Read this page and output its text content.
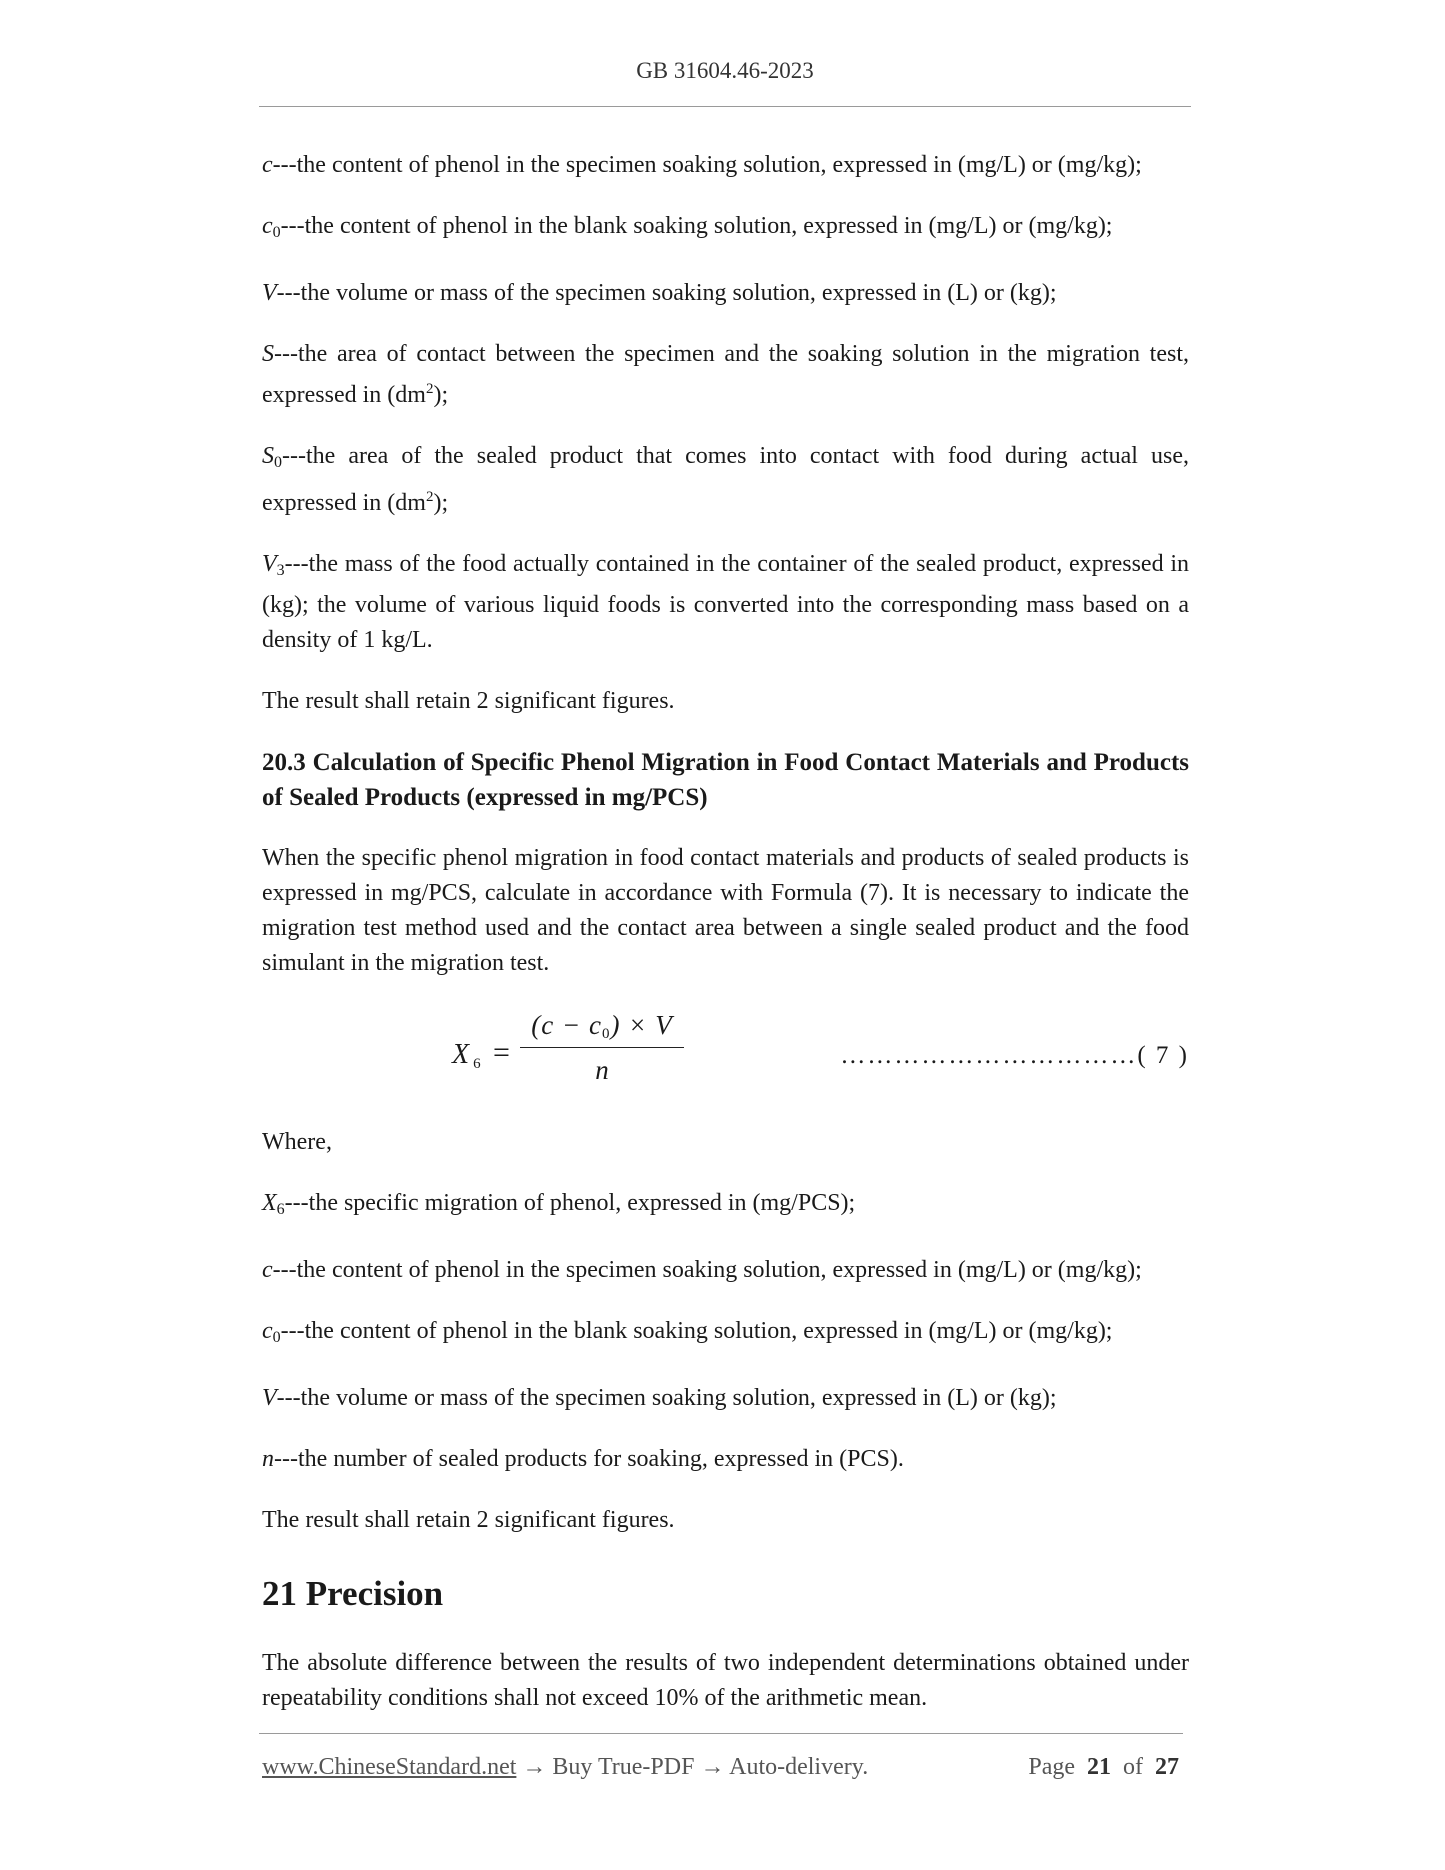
GB 31604.46-2023

c---the content of phenol in the specimen soaking solution, expressed in (mg/L) or (mg/kg);

$c_0--$-the content of phenol in the blank soaking solution, expressed in (mg/L) or (mg/kg);

V---the volume or mass of the specimen soaking solution, expressed in (L) or (kg);

S---the area of contact between the specimen and the soaking solution in the migration test, expressed in $(dm^2)$;

$S_0--$-the area of the sealed product that comes into contact with food during actual use, expressed in $(dm^2)$;

$V_3--$-the mass of the food actually contained in the container of the sealed product, expressed in (kg); the volume of various liquid foods is converted into the corresponding mass based on a density of 1 kg/L.

The result shall retain 2 significant figures.

20.3 Calculation of Specific Phenol Migration in Food Contact Materials and Products of Sealed Products (expressed in mg/PCS)

When the specific phenol migration in food contact materials and products of sealed products is expressed in mg/PCS, calculate in accordance with Formula (7). It is necessary to indicate the migration test method used and the contact area between a single sealed product and the food simulant in the migration test.

X $_6$ =
$(c - c_0) \times V$
n	……………………………( 7 )

Where,

$X_6--$-the specific migration of phenol, expressed in (mg/PCS);

c---the content of phenol in the specimen soaking solution, expressed in (mg/L) or (mg/kg);

$c_0--$-the content of phenol in the blank soaking solution, expressed in (mg/L) or (mg/kg);

V---the volume or mass of the specimen soaking solution, expressed in (L) or (kg);

n---the number of sealed products for soaking, expressed in (PCS).

The result shall retain 2 significant figures.

21 Precision

The absolute difference between the results of two independent determinations obtained under repeatability conditions shall not exceed 10% of the arithmetic mean.

www.ChineseStandard.net → Buy True-PDF → Auto-delivery.	Page 21 of 27
